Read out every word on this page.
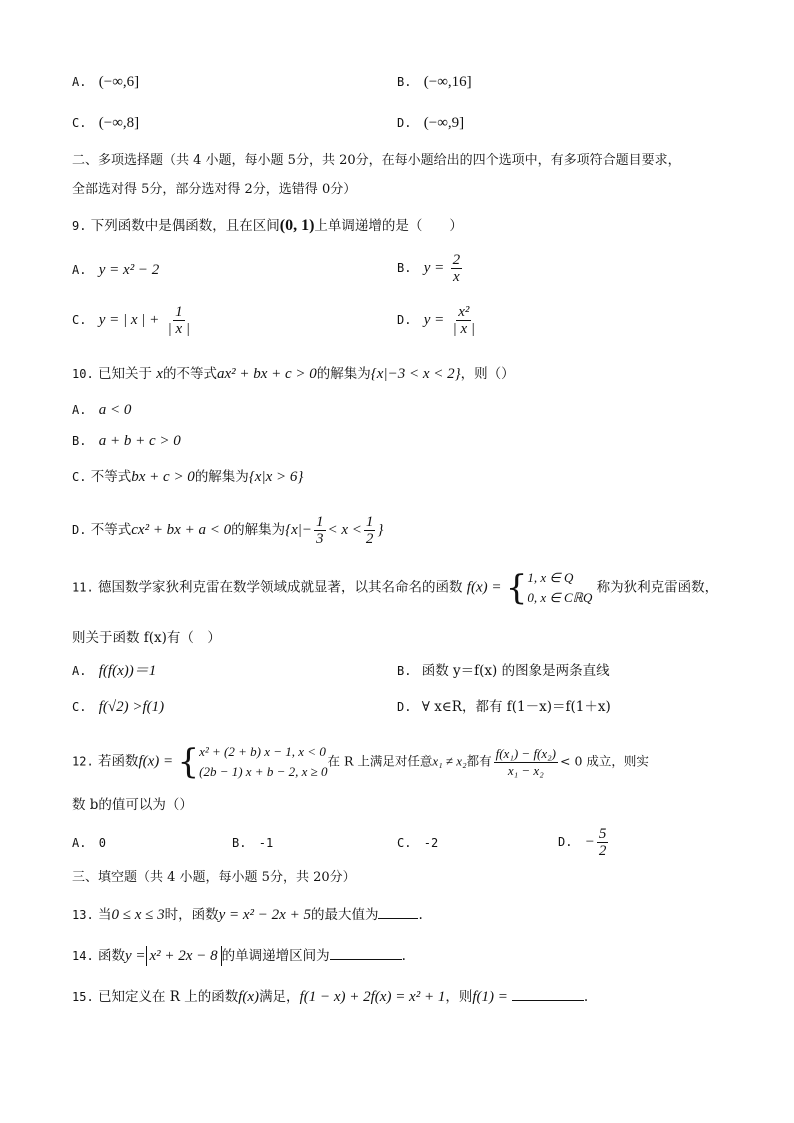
A. (−∞,6]	B. (−∞,16]
C. (−∞,8]	D. (−∞,9]
二、多项选择题（共 4 小题，每小题 5分，共 20分，在每小题给出的四个选项中，有多项符合题目要求，
全部选对得 5分，部分选对得 2分，选错得 0分）
9. 下列函数中是偶函数，且在区间(0, 1)上单调递增的是（　　）
A. y = x² − 2	B. $y = \frac{2}{x}$
C. y = | x | + $\frac{1}{| x |}$	D. $y = \frac{\text{x²}}{| x |}$
10. 已知关于 x的不等式ax² + bx + c > 0的解集为{x|−3 < x < 2}，则（）
A. a < 0
B. a + b + c > 0
C. 不等式bx + c > 0的解集为{x|x > 6}
D. 不等式cx² + bx + a < 0的解集为{$x|- \frac{1}{3} < x < \frac{1}{2}$ }
11. 德国数学家狄利克雷在数学领域成就显著，以其名命名的函数 f(x) = { 1, x ∈ Q
0, x ∈ CℝQ
称为狄利克雷函数，
则关于函数 f(x)有（　）
A. f(f(x))＝1	B. 函数 y＝f(x) 的图象是两条直线
C. f(√2) >f(1)	D. ∀ x∈R，都有 f(1－x)＝f(1＋x)
12. 若函数f(x) = { x² + (2 + b) x − 1, x < 0
(2b − 1) x + b − 2, x ≥ 0
在 R 上满足对任意x₁ ≠ x₂都有 $\frac{\text{f(x₁) − f(x₂)}}{\text{x₁ − x₂}} < 0$ 成立，则实
数 b的值可以为（）
A. 0	B. -1	C. -2	D. − $\frac{5}{2}$
三、填空题（共 4 小题，每小题 5分，共 20分）
13. 当0 ≤ x ≤ 3时，函数y = x² − 2x + 5的最大值为	.
14. 函数y = x² + 2x − 8 的单调递增区间为	.
15. 已知定义在 R 上的函数f(x)满足，f(1 − x) + 2f(x) = x² + 1，则f(1) =	.
